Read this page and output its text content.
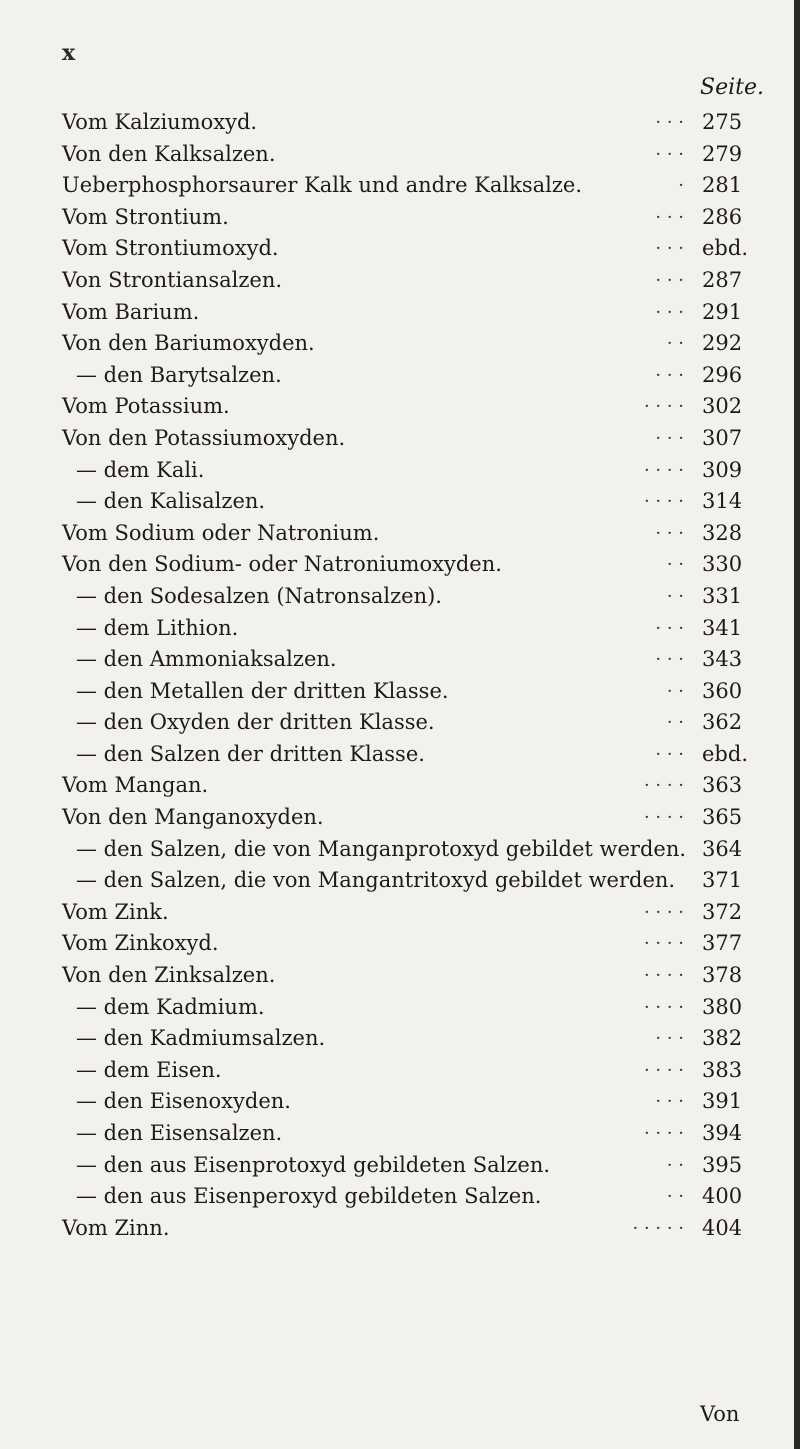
x
Seite.
Vom Kalziumoxyd.	· · · 275
Von den Kalksalzen.	· · · 279
Ueberphosphorsaurer Kalk und andre Kalksalze.	· 281
Vom Strontium.	· · · 286
Vom Strontiumoxyd.	· · · ebd.
Von Strontiansalzen.	· · · 287
Vom Barium.	· · · 291
Von den Bariumoxyden.	· · 292
— den Barytsalzen.	· · · 296
Vom Potassium.	· · · · 302
Von den Potassiumoxyden.	· · · 307
— dem Kali.	· · · · 309
— den Kalisalzen.	· · · · 314
Vom Sodium oder Natronium.	· · · 328
Von den Sodium- oder Natroniumoxyden.	· · 330
— den Sodesalzen (Natronsalzen).	· · 331
— dem Lithion.	· · · 341
— den Ammoniaksalzen.	· · · 343
— den Metallen der dritten Klasse.	· · 360
— den Oxyden der dritten Klasse.	· · 362
— den Salzen der dritten Klasse.	· · · ebd.
Vom Mangan.	· · · · 363
Von den Manganoxyden.	· · · · 365
— den Salzen, die von Manganprotoxyd gebildet werden. 364
— den Salzen, die von Mangantritoxyd gebildet werden. 371
Vom Zink.	· · · · 372
Vom Zinkoxyd.	· · · · 377
Von den Zinksalzen.	· · · · 378
— dem Kadmium.	· · · · 380
— den Kadmiumsalzen.	· · · 382
— dem Eisen.	· · · · 383
— den Eisenoxyden.	· · · 391
— den Eisensalzen.	· · · · 394
— den aus Eisenprotoxyd gebildeten Salzen.	· · 395
— den aus Eisenperoxyd gebildeten Salzen.	· · 400
Vom Zinn.	· · · · · 404
Von
